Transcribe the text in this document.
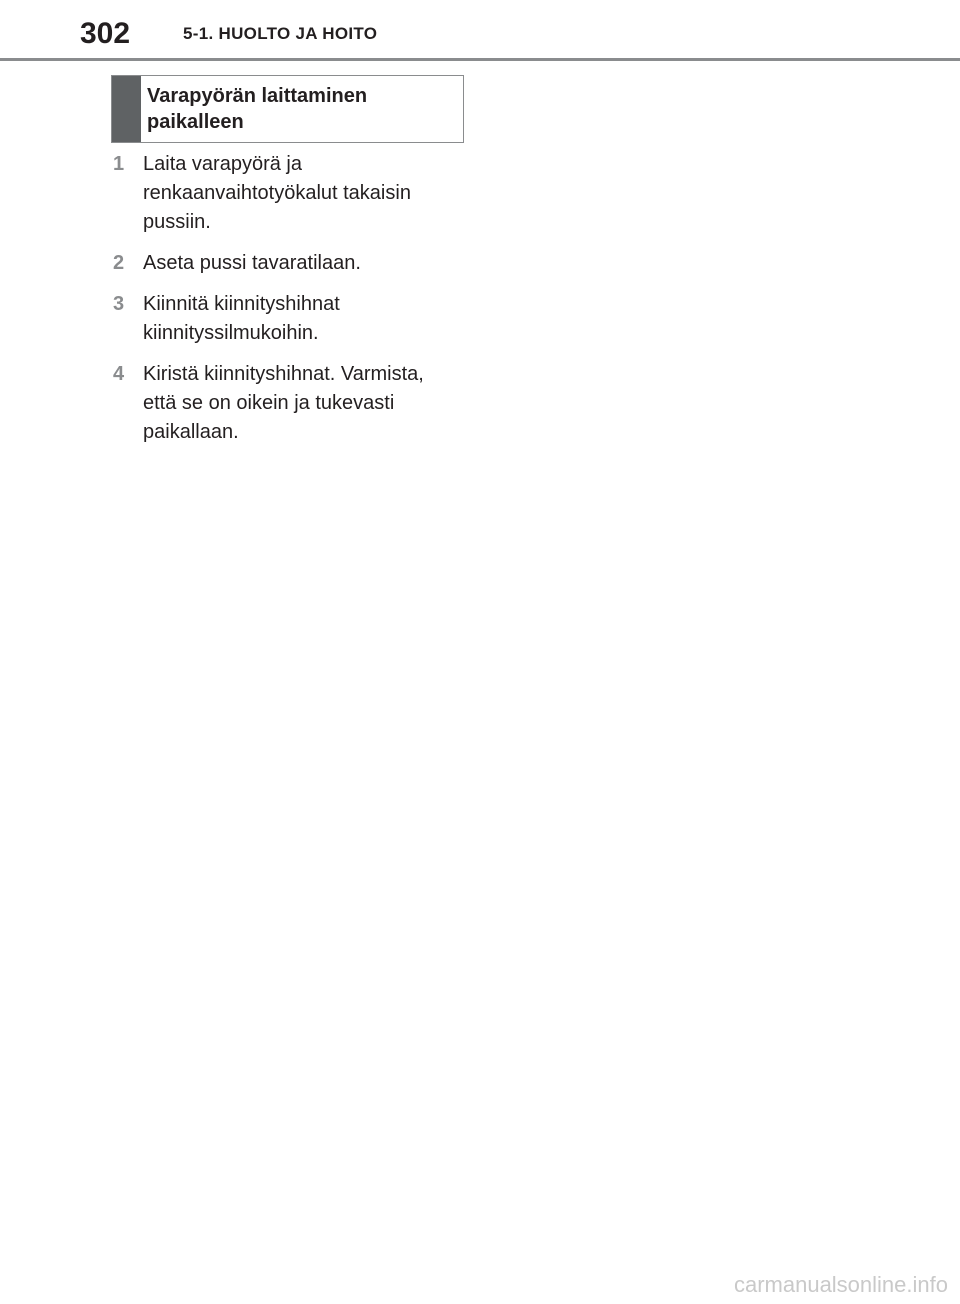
302	5-1. HUOLTO JA HOITO
Varapyörän laittaminen paikalleen
1 Laita varapyörä ja renkaanvaihtotyökalut takaisin pussiin.
2 Aseta pussi tavaratilaan.
3 Kiinnitä kiinnityshihnat kiinnityssilmukoihin.
4 Kiristä kiinnityshihnat. Varmista, että se on oikein ja tukevasti paikallaan.
carmanualsonline.info
